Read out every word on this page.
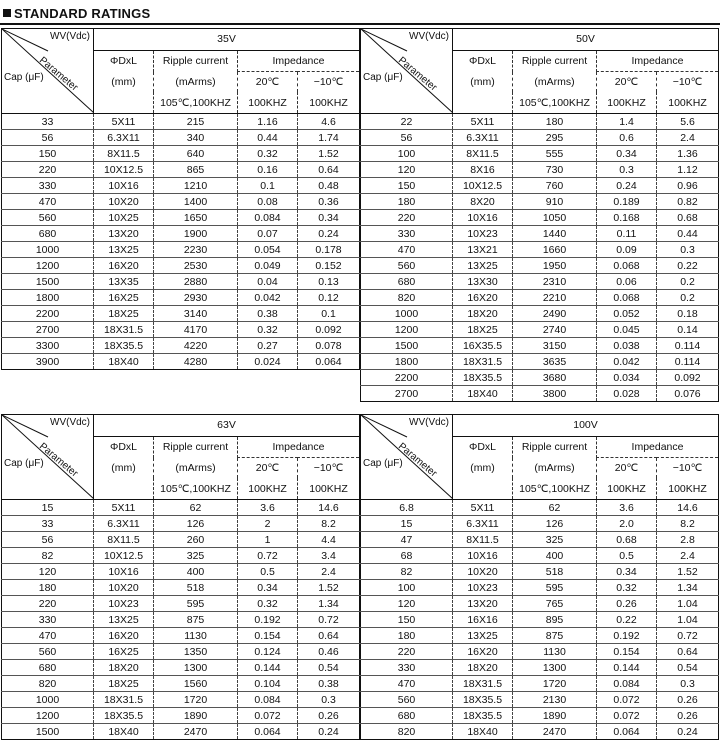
STANDARD RATINGS
WV(Vdc)
Parameter
Cap (μF)	35V			
	ΦDxL	Ripple current	Impedance	
	(mm)	(mArms)	20℃	−10℃
		105℃,100KHZ	100KHZ	100KHZ
33	5X11	215	1.16	4.6
56	6.3X11	340	0.44	1.74
150	8X11.5	640	0.32	1.52
220	10X12.5	865	0.16	0.64
330	10X16	1210	0.1	0.48
470	10X20	1400	0.08	0.36
560	10X25	1650	0.084	0.34
680	13X20	1900	0.07	0.24
1000	13X25	2230	0.054	0.178
1200	16X20	2530	0.049	0.152
1500	13X35	2880	0.04	0.13
1800	16X25	2930	0.042	0.12
2200	18X25	3140	0.38	0.1
2700	18X31.5	4170	0.32	0.092
3300	18X35.5	4220	0.27	0.078
3900	18X40	4280	0.024	0.064
WV(Vdc)
Parameter
Cap (μF)	50V			
	ΦDxL	Ripple current	Impedance	
	(mm)	(mArms)	20℃	−10℃
		105℃,100KHZ	100KHZ	100KHZ
22	5X11	180	1.4	5.6
56	6.3X11	295	0.6	2.4
100	8X11.5	555	0.34	1.36
120	8X16	730	0.3	1.12
150	10X12.5	760	0.24	0.96
180	8X20	910	0.189	0.82
220	10X16	1050	0.168	0.68
330	10X23	1440	0.11	0.44
470	13X21	1660	0.09	0.3
560	13X25	1950	0.068	0.22
680	13X30	2310	0.06	0.2
820	16X20	2210	0.068	0.2
1000	18X20	2490	0.052	0.18
1200	18X25	2740	0.045	0.14
1500	16X35.5	3150	0.038	0.114
1800	18X31.5	3635	0.042	0.114
2200	18X35.5	3680	0.034	0.092
2700	18X40	3800	0.028	0.076
WV(Vdc)
Parameter
Cap (μF)	63V			
	ΦDxL	Ripple current	Impedance	
	(mm)	(mArms)	20℃	−10℃
		105℃,100KHZ	100KHZ	100KHZ
15	5X11	62	3.6	14.6
33	6.3X11	126	2	8.2
56	8X11.5	260	1	4.4
82	10X12.5	325	0.72	3.4
120	10X16	400	0.5	2.4
180	10X20	518	0.34	1.52
220	10X23	595	0.32	1.34
330	13X25	875	0.192	0.72
470	16X20	1130	0.154	0.64
560	16X25	1350	0.124	0.46
680	18X20	1300	0.144	0.54
820	18X25	1560	0.104	0.38
1000	18X31.5	1720	0.084	0.3
1200	18X35.5	1890	0.072	0.26
1500	18X40	2470	0.064	0.24
WV(Vdc)
Parameter
Cap (μF)	100V			
	ΦDxL	Ripple current	Impedance	
	(mm)	(mArms)	20℃	−10℃
		105℃,100KHZ	100KHZ	100KHZ
6.8	5X11	62	3.6	14.6
15	6.3X11	126	2.0	8.2
47	8X11.5	325	0.68	2.8
68	10X16	400	0.5	2.4
82	10X20	518	0.34	1.52
100	10X23	595	0.32	1.34
120	13X20	765	0.26	1.04
150	16X16	895	0.22	1.04
180	13X25	875	0.192	0.72
220	16X20	1130	0.154	0.64
330	18X20	1300	0.144	0.54
470	18X31.5	1720	0.084	0.3
560	18X35.5	2130	0.072	0.26
680	18X35.5	1890	0.072	0.26
820	18X40	2470	0.064	0.24
